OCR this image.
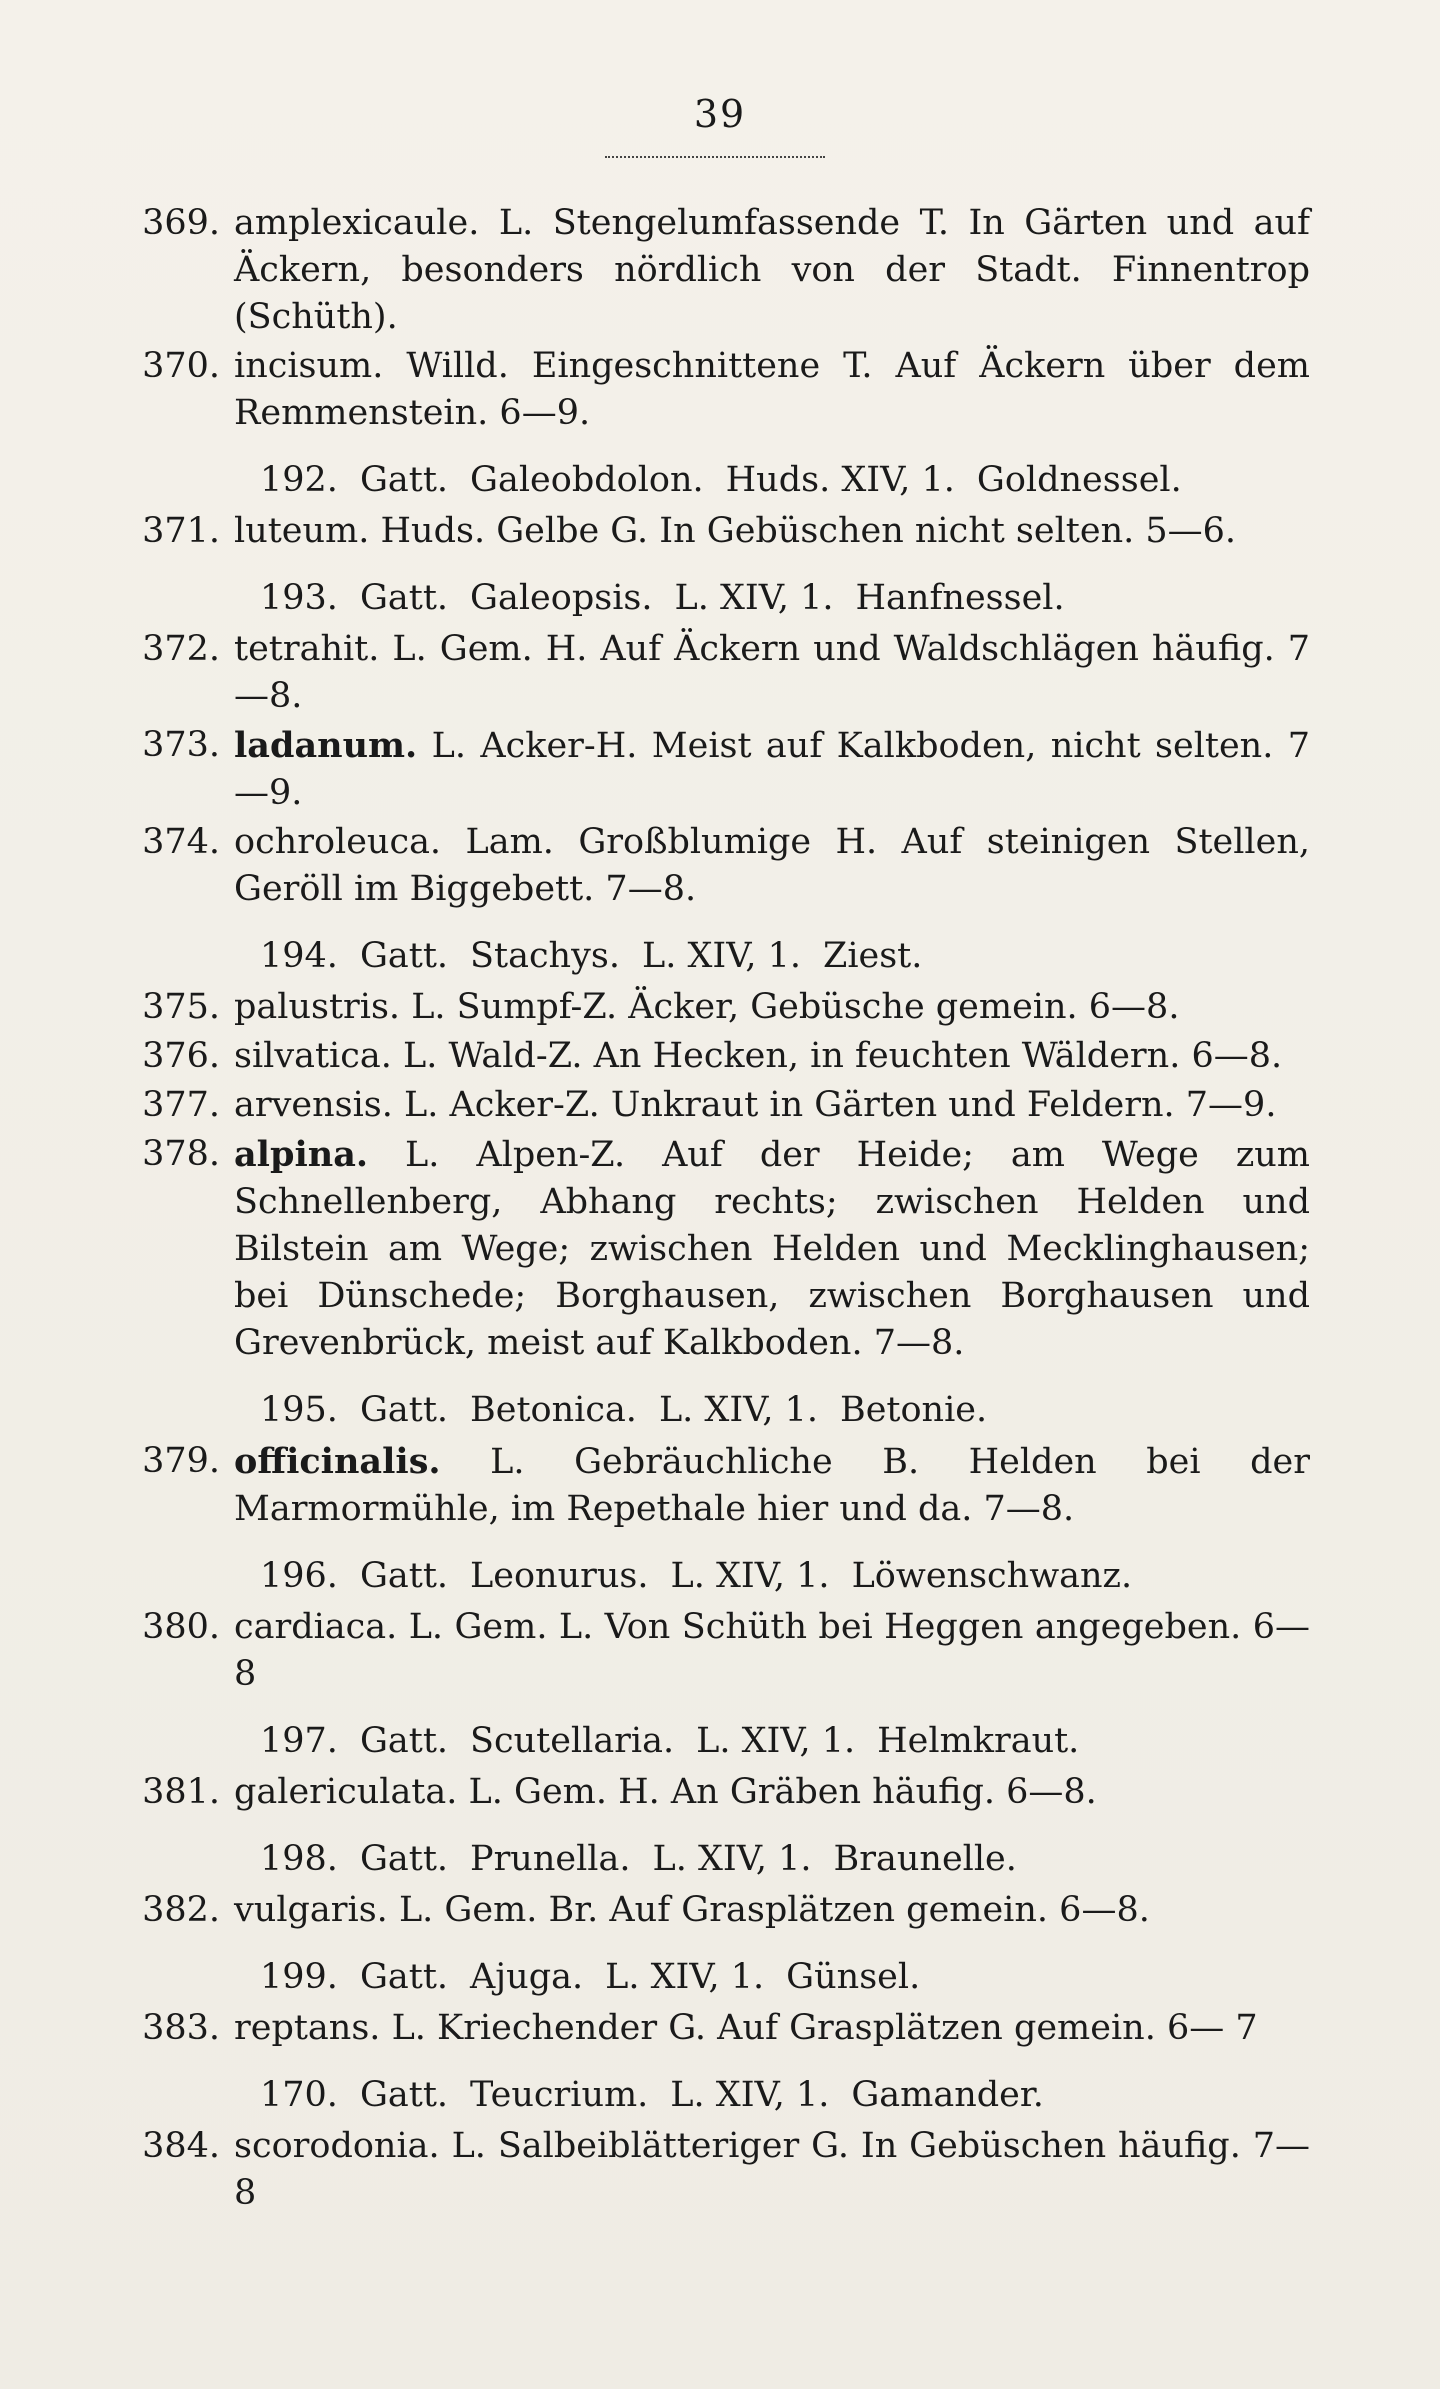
39
369. amplexicaule. L. Stengelumfassende T. In Gärten und auf Äckern, besonders nördlich von der Stadt. Finnentrop (Schüth).
370. incisum. Willd. Eingeschnittene T. Auf Äckern über dem Remmenstein. 6—9.
192. Gatt. Galeobdolon. Huds. XIV, 1. Goldnessel.
371. luteum. Huds. Gelbe G. In Gebüschen nicht selten. 5—6.
193. Gatt. Galeopsis. L. XIV, 1. Hanfnessel.
372. tetrahit. L. Gem. H. Auf Äckern und Waldschlägen häufig. 7—8.
373. ladanum. L. Acker-H. Meist auf Kalkboden, nicht selten. 7—9.
374. ochroleuca. Lam. Großblumige H. Auf steinigen Stellen, Geröll im Biggebett. 7—8.
194. Gatt. Stachys. L. XIV, 1. Ziest.
375. palustris. L. Sumpf-Z. Äcker, Gebüsche gemein. 6—8.
376. silvatica. L. Wald-Z. An Hecken, in feuchten Wäldern. 6—8.
377. arvensis. L. Acker-Z. Unkraut in Gärten und Feldern. 7—9.
378. alpina. L. Alpen-Z. Auf der Heide; am Wege zum Schnellenberg, Abhang rechts; zwischen Helden und Bilstein am Wege; zwischen Helden und Mecklinghausen; bei Dünschede; Borghausen, zwischen Borghausen und Grevenbrück, meist auf Kalkboden. 7—8.
195. Gatt. Betonica. L. XIV, 1. Betonie.
379. officinalis. L. Gebräuchliche B. Helden bei der Marmormühle, im Repethale hier und da. 7—8.
196. Gatt. Leonurus. L. XIV, 1. Löwenschwanz.
380. cardiaca. L. Gem. L. Von Schüth bei Heggen angegeben. 6—8
197. Gatt. Scutellaria. L. XIV, 1. Helmkraut.
381. galericulata. L. Gem. H. An Gräben häufig. 6—8.
198. Gatt. Prunella. L. XIV, 1. Braunelle.
382. vulgaris. L. Gem. Br. Auf Grasplätzen gemein. 6—8.
199. Gatt. Ajuga. L. XIV, 1. Günsel.
383. reptans. L. Kriechender G. Auf Grasplätzen gemein. 6— 7
170. Gatt. Teucrium. L. XIV, 1. Gamander.
384. scorodonia. L. Salbeiblätteriger G. In Gebüschen häufig. 7— 8
